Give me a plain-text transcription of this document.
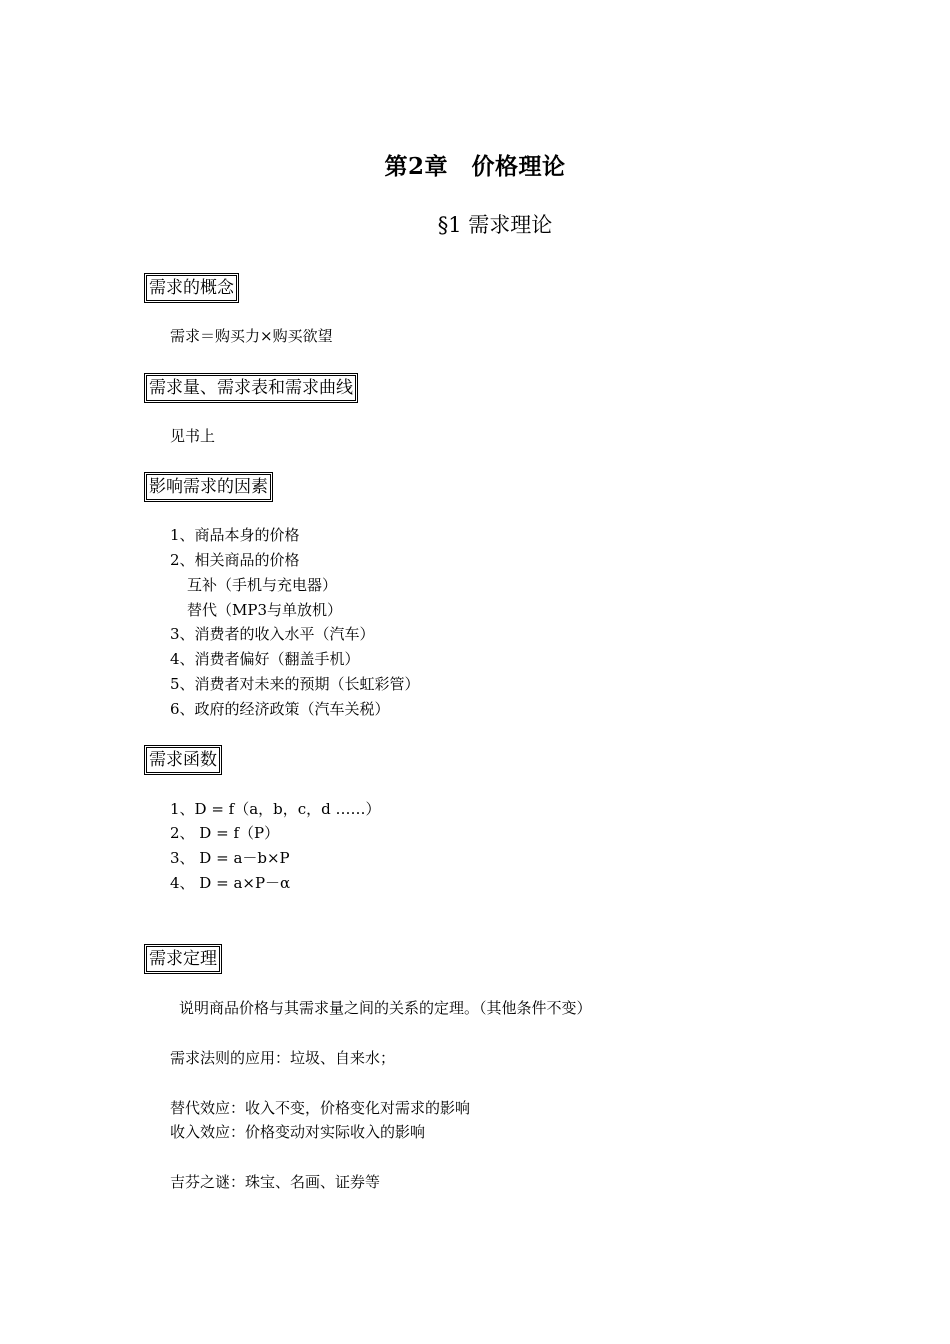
第2章　价格理论
§1 需求理论
需求的概念
需求＝购买力×购买欲望
需求量、需求表和需求曲线
见书上
影响需求的因素
1、商品本身的价格
2、相关商品的价格
互补（手机与充电器）
替代（MP3与单放机）
3、消费者的收入水平（汽车）
4、消费者偏好（翻盖手机）
5、消费者对未来的预期（长虹彩管）
6、政府的经济政策（汽车关税）
需求函数
1、D = f（a，b，c，d ……）
2、 D = f（P）
3、 D = a－b×P
4、 D = a×P－α
需求定理
说明商品价格与其需求量之间的关系的定理。（其他条件不变）
需求法则的应用：垃圾、自来水；
替代效应：收入不变，价格变化对需求的影响
收入效应：价格变动对实际收入的影响
吉芬之谜：珠宝、名画、证券等
